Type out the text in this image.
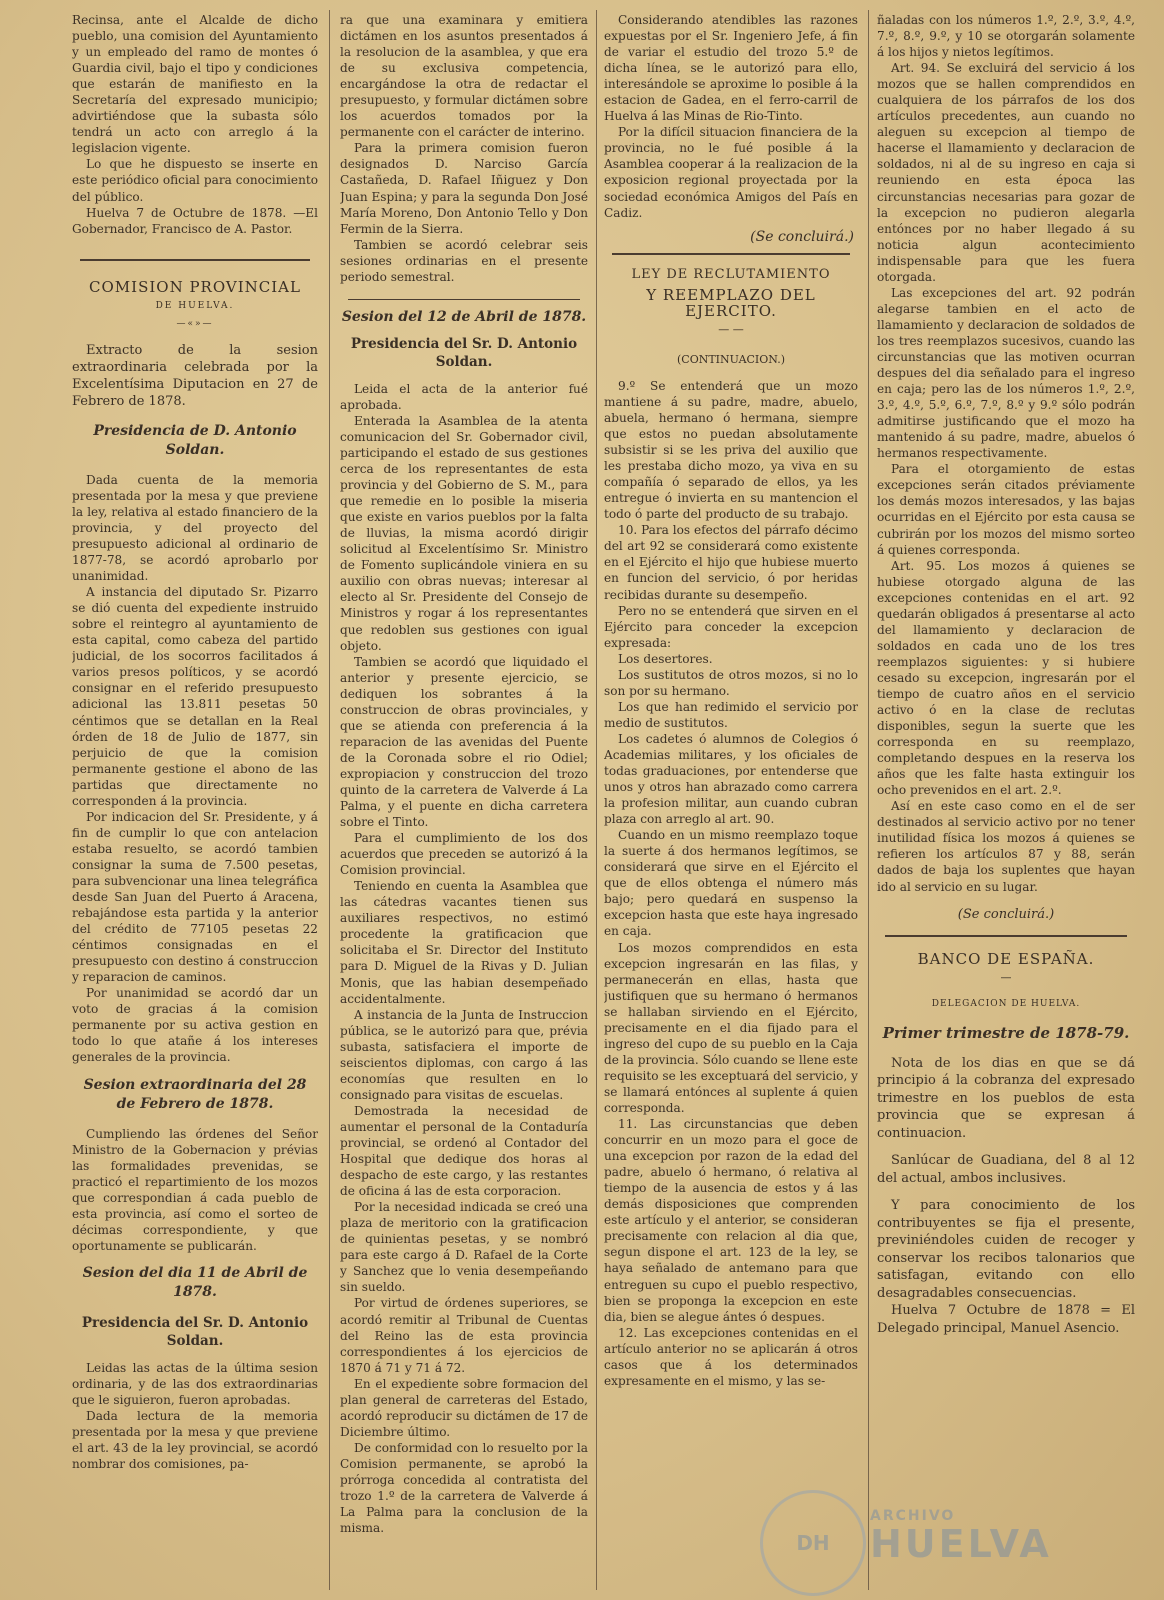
Recinsa, ante el Alcalde de dicho pueblo, una comision del Ayuntamiento y un empleado del ramo de montes ó Guardia civil, bajo el tipo y condiciones que estarán de manifiesto en la Secretaría del expresado municipio; advirtiéndose que la subasta sólo tendrá un acto con arreglo á la legislacion vigente.

Lo que he dispuesto se inserte en este periódico oficial para conocimiento del público.

Huelva 7 de Octubre de 1878. —El Gobernador, Francisco de A. Pastor.

COMISION PROVINCIAL
DE HUELVA.
—«»—

Extracto de la sesion extraordinaria celebrada por la Excelentísima Diputacion en 27 de Febrero de 1878.

Presidencia de D. Antonio Soldan.

Dada cuenta de la memoria presentada por la mesa y que previene la ley, relativa al estado financiero de la provincia, y del proyecto del presupuesto adicional al ordinario de 1877-78, se acordó aprobarlo por unanimidad.

A instancia del diputado Sr. Pizarro se dió cuenta del expediente instruido sobre el reintegro al ayuntamiento de esta capital, como cabeza del partido judicial, de los socorros facilitados á varios presos políticos, y se acordó consignar en el referido presupuesto adicional las 13.811 pesetas 50 céntimos que se detallan en la Real órden de 18 de Julio de 1877, sin perjuicio de que la comision permanente gestione el abono de las partidas que directamente no corresponden á la provincia.

Por indicacion del Sr. Presidente, y á fin de cumplir lo que con antelacion estaba resuelto, se acordó tambien consignar la suma de 7.500 pesetas, para subvencionar una linea telegráfica desde San Juan del Puerto á Aracena, rebajándose esta partida y la anterior del crédito de 77105 pesetas 22 céntimos consignadas en el presupuesto con destino á construccion y reparacion de caminos.

Por unanimidad se acordó dar un voto de gracias á la comision permanente por su activa gestion en todo lo que atañe á los intereses generales de la provincia.

Sesion extraordinaria del 28 de Febrero de 1878.

Cumpliendo las órdenes del Señor Ministro de la Gobernacion y prévias las formalidades prevenidas, se practicó el repartimiento de los mozos que correspondian á cada pueblo de esta provincia, así como el sorteo de décimas correspondiente, y que oportunamente se publicarán.

Sesion del dia 11 de Abril de 1878.
Presidencia del Sr. D. Antonio Soldan.

Leidas las actas de la última sesion ordinaria, y de las dos extraordinarias que le siguieron, fueron aprobadas.

Dada lectura de la memoria presentada por la mesa y que previene el art. 43 de la ley provincial, se acordó nombrar dos comisiones, pa-

ra que una examinara y emitiera dictámen en los asuntos presentados á la resolucion de la asamblea, y que era de su exclusiva competencia, encargándose la otra de redactar el presupuesto, y formular dictámen sobre los acuerdos tomados por la permanente con el carácter de interino.

Para la primera comision fueron designados D. Narciso García Castañeda, D. Rafael Iñiguez y Don Juan Espina; y para la segunda Don José María Moreno, Don Antonio Tello y Don Fermin de la Sierra.

Tambien se acordó celebrar seis sesiones ordinarias en el presente periodo semestral.

Sesion del 12 de Abril de 1878.
Presidencia del Sr. D. Antonio Soldan.

Leida el acta de la anterior fué aprobada.

Enterada la Asamblea de la atenta comunicacion del Sr. Gobernador civil, participando el estado de sus gestiones cerca de los representantes de esta provincia y del Gobierno de S. M., para que remedie en lo posible la miseria que existe en varios pueblos por la falta de lluvias, la misma acordó dirigir solicitud al Excelentísimo Sr. Ministro de Fomento suplicándole viniera en su auxilio con obras nuevas; interesar al electo al Sr. Presidente del Consejo de Ministros y rogar á los representantes que redoblen sus gestiones con igual objeto.

Tambien se acordó que liquidado el anterior y presente ejercicio, se dediquen los sobrantes á la construccion de obras provinciales, y que se atienda con preferencia á la reparacion de las avenidas del Puente de la Coronada sobre el rio Odiel; expropiacion y construccion del trozo quinto de la carretera de Valverde á La Palma, y el puente en dicha carretera sobre el Tinto.

Para el cumplimiento de los dos acuerdos que preceden se autorizó á la Comision provincial.

Teniendo en cuenta la Asamblea que las cátedras vacantes tienen sus auxiliares respectivos, no estimó procedente la gratificacion que solicitaba el Sr. Director del Instituto para D. Miguel de la Rivas y D. Julian Monis, que las habian desempeñado accidentalmente.

A instancia de la Junta de Instruccion pública, se le autorizó para que, prévia subasta, satisfaciera el importe de seiscientos diplomas, con cargo á las economías que resulten en lo consignado para visitas de escuelas.

Demostrada la necesidad de aumentar el personal de la Contaduría provincial, se ordenó al Contador del Hospital que dedique dos horas al despacho de este cargo, y las restantes de oficina á las de esta corporacion.

Por la necesidad indicada se creó una plaza de meritorio con la gratificacion de quinientas pesetas, y se nombró para este cargo á D. Rafael de la Corte y Sanchez que lo venia desempeñando sin sueldo.

Por virtud de órdenes superiores, se acordó remitir al Tribunal de Cuentas del Reino las de esta provincia correspondientes á los ejercicios de 1870 á 71 y 71 á 72.

En el expediente sobre formacion del plan general de carreteras del Estado, acordó reproducir su dictámen de 17 de Diciembre último.

De conformidad con lo resuelto por la Comision permanente, se aprobó la prórroga concedida al contratista del trozo 1.º de la carretera de Valverde á La Palma para la conclusion de la misma.

Considerando atendibles las razones expuestas por el Sr. Ingeniero Jefe, á fin de variar el estudio del trozo 5.º de dicha línea, se le autorizó para ello, interesándole se aproxime lo posible á la estacion de Gadea, en el ferro-carril de Huelva á las Minas de Rio-Tinto.

Por la difícil situacion financiera de la provincia, no le fué posible á la Asamblea cooperar á la realizacion de la exposicion regional proyectada por la sociedad económica Amigos del País en Cadiz.

(Se concluirá.)
LEY DE RECLUTAMIENTO
Y REEMPLAZO DEL EJERCITO.
— —
(CONTINUACION.)

9.º Se entenderá que un mozo mantiene á su padre, madre, abuelo, abuela, hermano ó hermana, siempre que estos no puedan absolutamente subsistir si se les priva del auxilio que les prestaba dicho mozo, ya viva en su compañía ó separado de ellos, ya les entregue ó invierta en su mantencion el todo ó parte del producto de su trabajo.

10. Para los efectos del párrafo décimo del art 92 se considerará como existente en el Ejército el hijo que hubiese muerto en funcion del servicio, ó por heridas recibidas durante su desempeño.

Pero no se entenderá que sirven en el Ejército para conceder la excepcion expresada:

Los desertores.

Los sustitutos de otros mozos, si no lo son por su hermano.

Los que han redimido el servicio por medio de sustitutos.

Los cadetes ó alumnos de Colegios ó Academias militares, y los oficiales de todas graduaciones, por entenderse que unos y otros han abrazado como carrera la profesion militar, aun cuando cubran plaza con arreglo al art. 90.

Cuando en un mismo reemplazo toque la suerte á dos hermanos legítimos, se considerará que sirve en el Ejército el que de ellos obtenga el número más bajo; pero quedará en suspenso la excepcion hasta que este haya ingresado en caja.

Los mozos comprendidos en esta excepcion ingresarán en las filas, y permanecerán en ellas, hasta que justifiquen que su hermano ó hermanos se hallaban sirviendo en el Ejército, precisamente en el dia fijado para el ingreso del cupo de su pueblo en la Caja de la provincia. Sólo cuando se llene este requisito se les exceptuará del servicio, y se llamará entónces al suplente á quien corresponda.

11. Las circunstancias que deben concurrir en un mozo para el goce de una excepcion por razon de la edad del padre, abuelo ó hermano, ó relativa al tiempo de la ausencia de estos y á las demás disposiciones que comprenden este artículo y el anterior, se consideran precisamente con relacion al dia que, segun dispone el art. 123 de la ley, se haya señalado de antemano para que entreguen su cupo el pueblo respectivo, bien se proponga la excepcion en este dia, bien se alegue ántes ó despues.

12. Las excepciones contenidas en el artículo anterior no se aplicarán á otros casos que á los determinados expresamente en el mismo, y las se-

ñaladas con los números 1.º, 2.º, 3.º, 4.º, 7.º, 8.º, 9.º, y 10 se otorgarán solamente á los hijos y nietos legítimos.

Art. 94. Se excluirá del servicio á los mozos que se hallen comprendidos en cualquiera de los párrafos de los dos artículos precedentes, aun cuando no aleguen su excepcion al tiempo de hacerse el llamamiento y declaracion de soldados, ni al de su ingreso en caja si reuniendo en esta época las circunstancias necesarias para gozar de la excepcion no pudieron alegarla entónces por no haber llegado á su noticia algun acontecimiento indispensable para que les fuera otorgada.

Las excepciones del art. 92 podrán alegarse tambien en el acto de llamamiento y declaracion de soldados de los tres reemplazos sucesivos, cuando las circunstancias que las motiven ocurran despues del dia señalado para el ingreso en caja; pero las de los números 1.º, 2.º, 3.º, 4.º, 5.º, 6.º, 7.º, 8.º y 9.º sólo podrán admitirse justificando que el mozo ha mantenido á su padre, madre, abuelos ó hermanos respectivamente.

Para el otorgamiento de estas excepciones serán citados préviamente los demás mozos interesados, y las bajas ocurridas en el Ejército por esta causa se cubrirán por los mozos del mismo sorteo á quienes corresponda.

Art. 95. Los mozos á quienes se hubiese otorgado alguna de las excepciones contenidas en el art. 92 quedarán obligados á presentarse al acto del llamamiento y declaracion de soldados en cada uno de los tres reemplazos siguientes: y si hubiere cesado su excepcion, ingresarán por el tiempo de cuatro años en el servicio activo ó en la clase de reclutas disponibles, segun la suerte que les corresponda en su reemplazo, completando despues en la reserva los años que les falte hasta extinguir los ocho prevenidos en el art. 2.º.

Así en este caso como en el de ser destinados al servicio activo por no tener inutilidad física los mozos á quienes se refieren los artículos 87 y 88, serán dados de baja los suplentes que hayan ido al servicio en su lugar.

(Se concluirá.)
BANCO DE ESPAÑA.
—
DELEGACION DE HUELVA.
Primer trimestre de 1878-79.

Nota de los dias en que se dá principio á la cobranza del expresado trimestre en los pueblos de esta provincia que se expresan á continuacion.

Sanlúcar de Guadiana, del 8 al 12 del actual, ambos inclusives.

Y para conocimiento de los contribuyentes se fija el presente, previniéndoles cuiden de recoger y conservar los recibos talonarios que satisfagan, evitando con ello desagradables consecuencias.

Huelva 7 Octubre de 1878 = El Delegado principal, Manuel Asencio.

DH
ARCHIVO
HUELVA
